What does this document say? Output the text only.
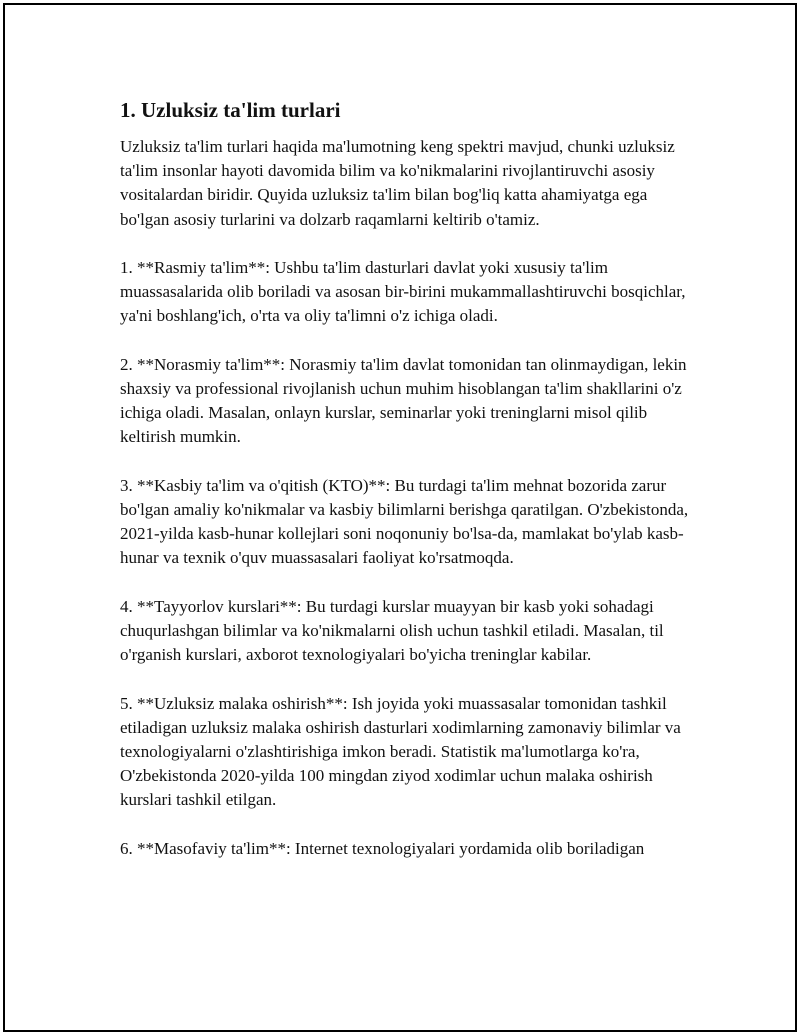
1. Uzluksiz ta'lim turlari

Uzluksiz ta'lim turlari haqida ma'lumotning keng spektri mavjud, chunki uzluksiz ta'lim insonlar hayoti davomida bilim va ko'nikmalarini rivojlantiruvchi asosiy vositalardan biridir. Quyida uzluksiz ta'lim bilan bog'liq katta ahamiyatga ega bo'lgan asosiy turlarini va dolzarb raqamlarni keltirib o'tamiz.

1. **Rasmiy ta'lim**: Ushbu ta'lim dasturlari davlat yoki xususiy ta'lim muassasalarida olib boriladi va asosan bir-birini mukammallashtiruvchi bosqichlar, ya'ni boshlang'ich, o'rta va oliy ta'limni o'z ichiga oladi.

2. **Norasmiy ta'lim**: Norasmiy ta'lim davlat tomonidan tan olinmaydigan, lekin shaxsiy va professional rivojlanish uchun muhim hisoblangan ta'lim shakllarini o'z ichiga oladi. Masalan, onlayn kurslar, seminarlar yoki treninglarni misol qilib keltirish mumkin.

3. **Kasbiy ta'lim va o'qitish (KTO)**: Bu turdagi ta'lim mehnat bozorida zarur bo'lgan amaliy ko'nikmalar va kasbiy bilimlarni berishga qaratilgan. O'zbekistonda, 2021-yilda kasb-hunar kollejlari soni noqonuniy bo'lsa-da, mamlakat bo'ylab kasb-hunar va texnik o'quv muassasalari faoliyat ko'rsatmoqda.

4. **Tayyorlov kurslari**: Bu turdagi kurslar muayyan bir kasb yoki sohadagi chuqurlashgan bilimlar va ko'nikmalarni olish uchun tashkil etiladi. Masalan, til o'rganish kurslari, axborot texnologiyalari bo'yicha treninglar kabilar.

5. **Uzluksiz malaka oshirish**: Ish joyida yoki muassasalar tomonidan tashkil etiladigan uzluksiz malaka oshirish dasturlari xodimlarning zamonaviy bilimlar va texnologiyalarni o'zlashtirishiga imkon beradi. Statistik ma'lumotlarga ko'ra, O'zbekistonda 2020-yilda 100 mingdan ziyod xodimlar uchun malaka oshirish kurslari tashkil etilgan.

6. **Masofaviy ta'lim**: Internet texnologiyalari yordamida olib boriladigan
